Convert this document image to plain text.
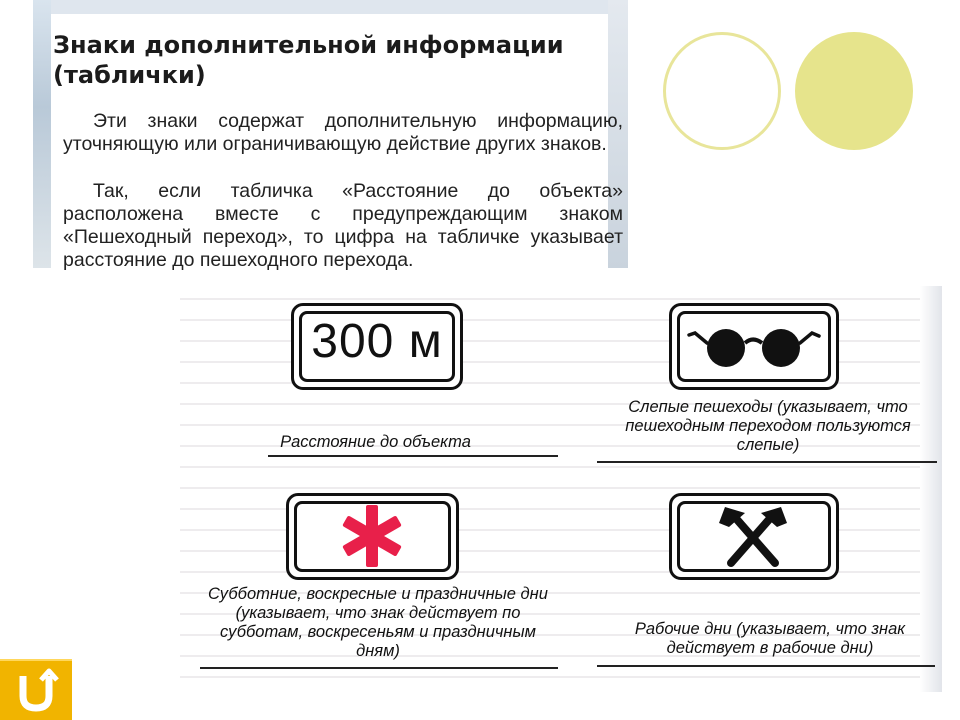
Знаки дополнительной информации (таблички)
Эти знаки содержат дополнительную информацию, уточняющую или ограничивающую действие других знаков.
Так, если табличка «Расстояние до объекта» расположена вместе с предупреждающим знаком «Пешеходный переход», то цифра на табличке указывает расстояние до пешеходного перехода.
300 м
Расстояние до объекта
Слепые пешеходы (указывает, что пешеходным переходом пользуются слепые)
Субботние, воскресные и праздничные дни (указывает, что знак действует по субботам, воскресеньям и праздничным дням)
Рабочие дни (указывает, что знак действует в рабочие дни)
